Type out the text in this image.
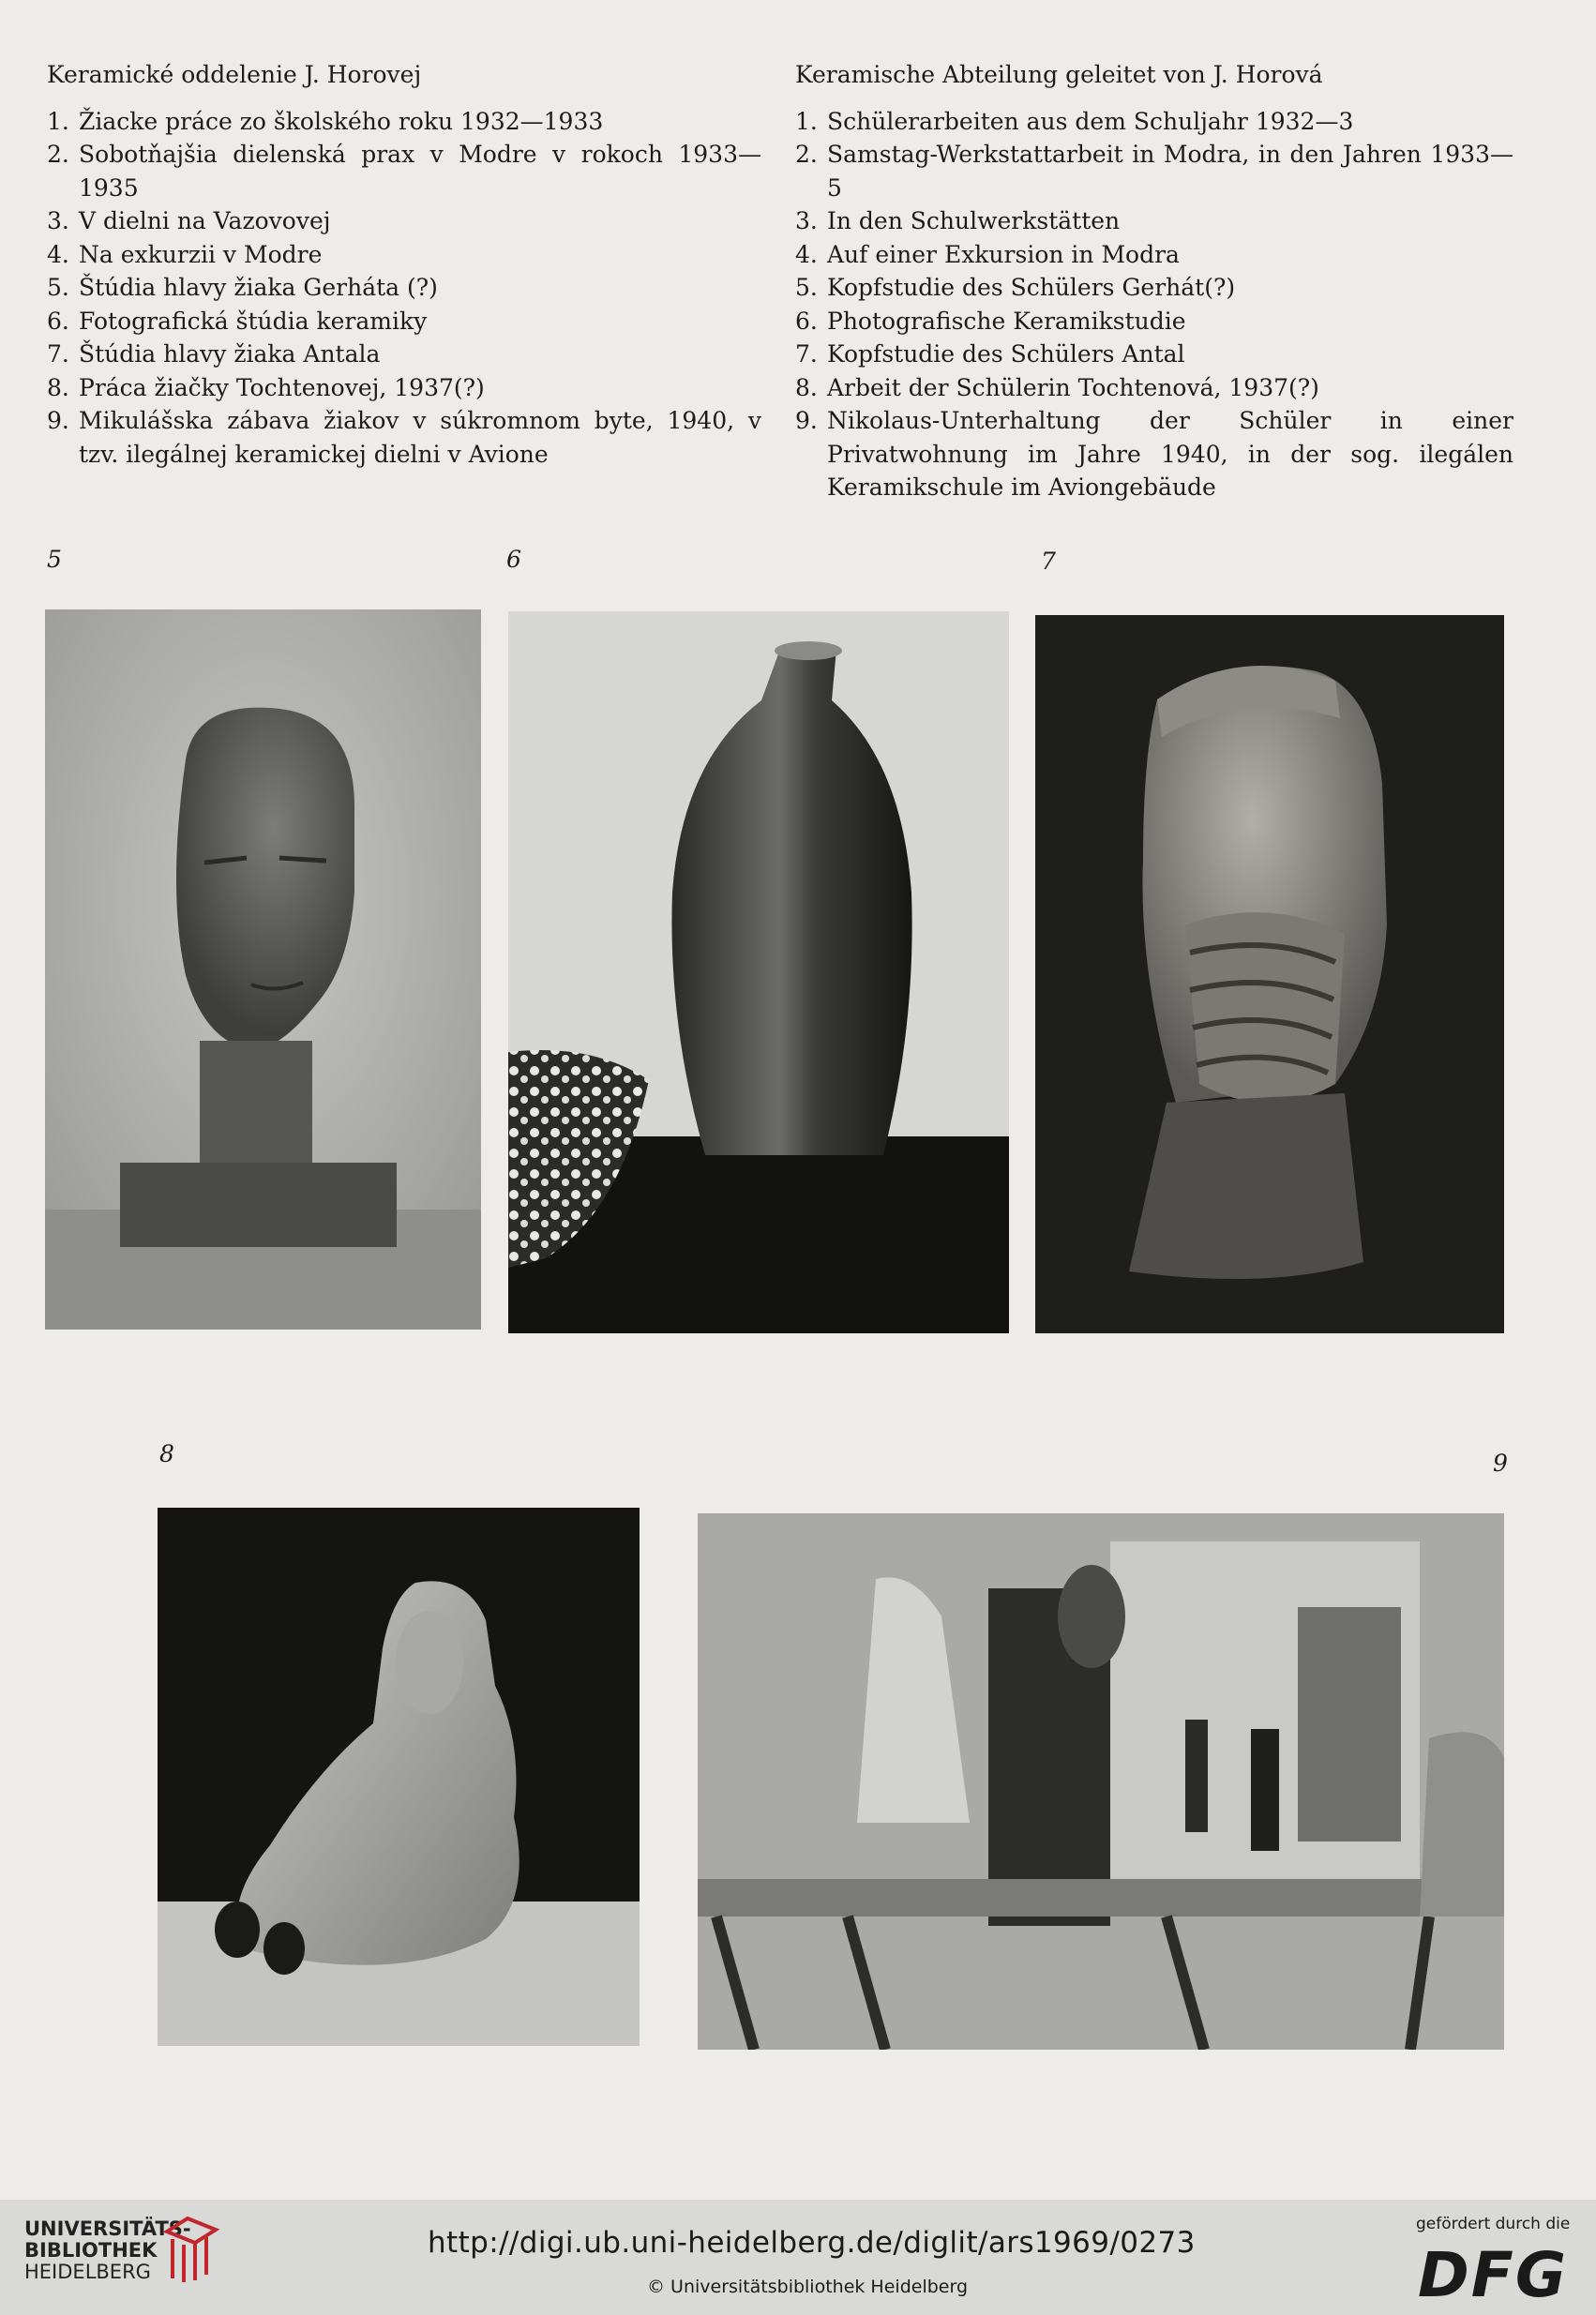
Keramické oddelenie J. Horovej
1. Žiacke práce zo školského roku 1932—1933
2. Sobotňajšia dielenská prax v Modre v rokoch 1933— 1935
3. V dielni na Vazovovej
4. Na exkurzii v Modre
5. Štúdia hlavy žiaka Gerháta (?)
6. Fotografická štúdia keramiky
7. Štúdia hlavy žiaka Antala
8. Práca žiačky Tochtenovej, 1937(?)
9. Mikulášska zábava žiakov v súkromnom byte, 1940, v tzv. ilegálnej keramickej dielni v Avione
Keramische Abteilung geleitet von J. Horová
1. Schülerarbeiten aus dem Schuljahr 1932—3
2. Samstag-Werkstattarbeit in Modra, in den Jahren 1933—5
3. In den Schulwerkstätten
4. Auf einer Exkursion in Modra
5. Kopfstudie des Schülers Gerhát(?)
6. Photografische Keramikstudie
7. Kopfstudie des Schülers Antal
8. Arbeit der Schülerin Tochtenová, 1937(?)
9. Nikolaus-Unterhaltung der Schüler in einer Privatwohnung im Jahre 1940, in der sog. ilegálen Keramikschule im Aviongebäude
5	6	7
8	9
UNIVERSITÄTS-
BIBLIOTHEK
HEIDELBERG
http://digi.ub.uni-heidelberg.de/diglit/ars1969/0273
© Universitätsbibliothek Heidelberg
gefördert durch die
DFG
